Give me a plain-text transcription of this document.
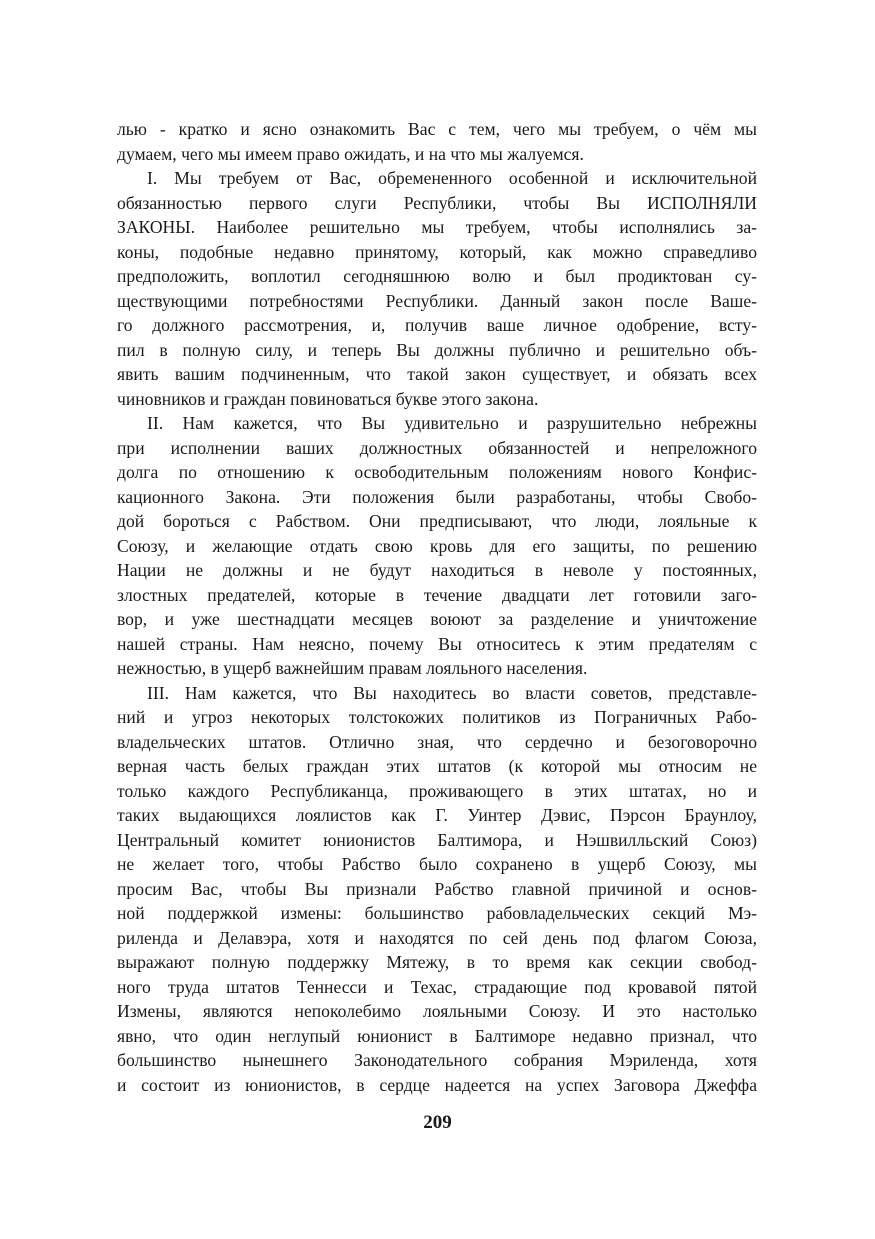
лью - кратко и ясно ознакомить Вас с тем, чего мы требуем, о чём мы
думаем, чего мы имеем право ожидать, и на что мы жалуемся.
I. Мы требуем от Вас, обремененного особенной и исключительной
обязанностью первого слуги Республики, чтобы Вы ИСПОЛНЯЛИ
ЗАКОНЫ. Наиболее решительно мы требуем, чтобы исполнялись за-
коны, подобные недавно принятому, который, как можно справедливо
предположить, воплотил сегодняшнюю волю и был продиктован су-
ществующими потребностями Республики. Данный закон после Ваше-
го должного рассмотрения, и, получив ваше личное одобрение, всту-
пил в полную силу, и теперь Вы должны публично и решительно объ-
явить вашим подчиненным, что такой закон существует, и обязать всех
чиновников и граждан повиноваться букве этого закона.
II. Нам кажется, что Вы удивительно и разрушительно небрежны
при исполнении ваших должностных обязанностей и непреложного
долга по отношению к освободительным положениям нового Конфис-
кационного Закона. Эти положения были разработаны, чтобы Свобо-
дой бороться с Рабством. Они предписывают, что люди, лояльные к
Союзу, и желающие отдать свою кровь для его защиты, по решению
Нации не должны и не будут находиться в неволе у постоянных,
злостных предателей, которые в течение двадцати лет готовили заго-
вор, и уже шестнадцати месяцев воюют за разделение и уничтожение
нашей страны. Нам неясно, почему Вы относитесь к этим предателям с
нежностью, в ущерб важнейшим правам лояльного населения.
III. Нам кажется, что Вы находитесь во власти советов, представле-
ний и угроз некоторых толстокожих политиков из Пограничных Рабо-
владельческих штатов. Отлично зная, что сердечно и безоговорочно
верная часть белых граждан этих штатов (к которой мы относим не
только каждого Республиканца, проживающего в этих штатах, но и
таких выдающихся лоялистов как Г. Уинтер Дэвис, Пэрсон Браунлоу,
Центральный комитет юнионистов Балтимора, и Нэшвилльский Союз)
не желает того, чтобы Рабство было сохранено в ущерб Союзу, мы
просим Вас, чтобы Вы признали Рабство главной причиной и основ-
ной поддержкой измены: большинство рабовладельческих секций Мэ-
риленда и Делавэра, хотя и находятся по сей день под флагом Союза,
выражают полную поддержку Мятежу, в то время как секции свобод-
ного труда штатов Теннесси и Техас, страдающие под кровавой пятой
Измены, являются непоколебимо лояльными Союзу. И это настолько
явно, что один неглупый юнионист в Балтиморе недавно признал, что
большинство нынешнего Законодательного собрания Мэриленда, хотя
и состоит из юнионистов, в сердце надеется на успех Заговора Джеффа
209
